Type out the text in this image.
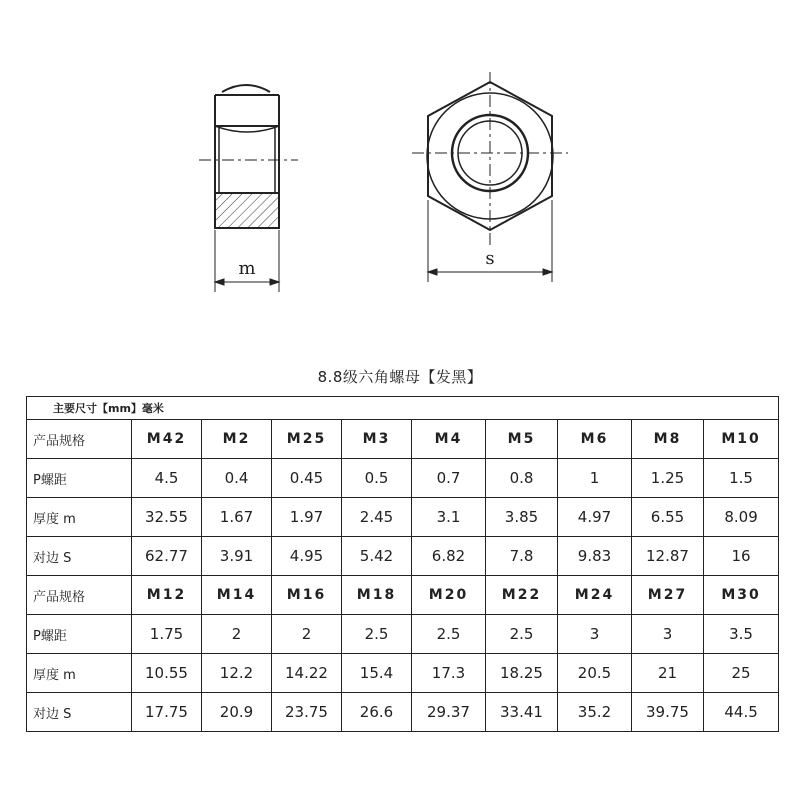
m	s
8.8级六角螺母【发黑】
主要尺寸【mm】毫米									
产品规格	M42	M2	M25	M3	M4	M5	M6	M8	M10
P螺距	4.5	0.4	0.45	0.5	0.7	0.8	1	1.25	1.5
厚度 m	32.55	1.67	1.97	2.45	3.1	3.85	4.97	6.55	8.09
对边 S	62.77	3.91	4.95	5.42	6.82	7.8	9.83	12.87	16
产品规格	M12	M14	M16	M18	M20	M22	M24	M27	M30
P螺距	1.75	2	2	2.5	2.5	2.5	3	3	3.5
厚度 m	10.55	12.2	14.22	15.4	17.3	18.25	20.5	21	25
对边 S	17.75	20.9	23.75	26.6	29.37	33.41	35.2	39.75	44.5
